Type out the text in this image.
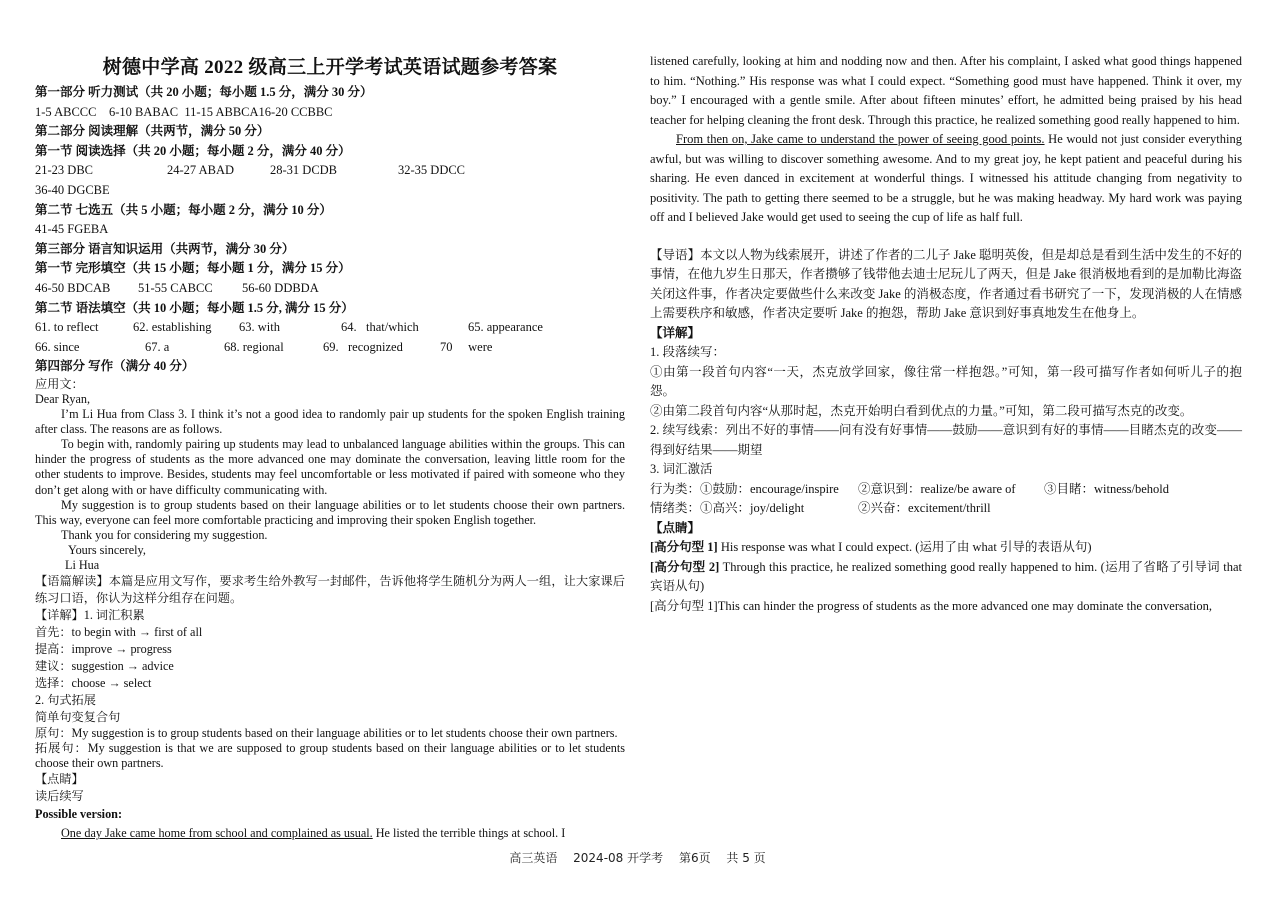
树德中学高 2022 级高三上开学考试英语试题参考答案
第一部分 听力测试（共 20 小题；每小题 1.5 分，满分 30 分）
1-5 ABCCC    6-10 BABAC  11-15 ABBCA16-20 CCBBC
第二部分 阅读理解（共两节，满分 50 分）
第一节 阅读选择（共 20 小题；每小题 2 分，满分 40 分）
21-23 DBC	24-27 ABAD	28-31 DCDB	32-35 DDCC
36-40 DGCBE
第二节 七选五（共 5 小题；每小题 2 分，满分 10 分）
41-45 FGEBA
第三部分 语言知识运用（共两节，满分 30 分）
第一节 完形填空（共 15 小题；每小题 1 分，满分 15 分）
46-50 BDCAB 51-55 CABCC 56-60 DDBDA
第二节 语法填空（共 10 小题；每小题 1.5 分, 满分 15 分）
61. to reflect	62. establishing 63. with	64.   that/which	65. appearance
66. since	67. a	68. regional	69.   recognized	70     were
第四部分 写作（满分 40 分）

应用文：

Dear Ryan,

I’m Li Hua from Class 3. I think it’s not a good idea to randomly pair up students for the spoken English training after class. The reasons are as follows.

To begin with, randomly pairing up students may lead to unbalanced language abilities within the groups. This can hinder the progress of students as the more advanced one may dominate the conversation, leaving little room for the other students to improve. Besides, students may feel uncomfortable or less motivated if paired with someone who they don’t get along with or have difficulty communicating with.

My suggestion is to group students based on their language abilities or to let students choose their own partners. This way, everyone can feel more comfortable practicing and improving their spoken English together.

Thank you for considering my suggestion.

Yours sincerely,

Li Hua

【语篇解读】本篇是应用文写作，要求考生给外教写一封邮件，告诉他将学生随机分为两人一组，让大家课后练习口语，你认为这样分组存在问题。

【详解】1. 词汇积累

首先：to begin with → first of all

提高：improve → progress

建议：suggestion → advice

选择：choose → select

2. 句式拓展

简单句变复合句

原句：My suggestion is to group students based on their language abilities or to let students choose their own partners.

拓展句：My suggestion is that we are supposed to group students based on their language abilities or to let students choose their own partners.

【点睛】

读后续写

Possible version:

One day Jake came home from school and complained as usual. He listed the terrible things at school. I

listened carefully, looking at him and nodding now and then. After his complaint, I asked what good things happened to him. “Nothing.” His response was what I could expect. “Something good must have happened. Think it over, my boy.” I encouraged with a gentle smile. After about fifteen minutes’ effort, he admitted being praised by his head teacher for helping cleaning the front desk. Through this practice, he realized something good really happened to him.

From then on, Jake came to understand the power of seeing good points. He would not just consider everything awful, but was willing to discover something awesome. And to my great joy, he kept patient and peaceful during his sharing. He even danced in excitement at wonderful things. I witnessed his attitude changing from negativity to positivity. The path to getting there seemed to be a struggle, but he was making headway. My hard work was paying off and I believed Jake would get used to seeing the cup of life as half full.

【导语】本文以人物为线索展开，讲述了作者的二儿子 Jake 聪明英俊，但是却总是看到生活中发生的不好的事情，在他九岁生日那天，作者攒够了钱带他去迪士尼玩儿了两天，但是 Jake 很消极地看到的是加勒比海盗关闭这件事，作者决定要做些什么来改变 Jake 的消极态度，作者通过看书研究了一下，发现消极的人在情感上需要秩序和敏感，作者决定要听 Jake 的抱怨，帮助 Jake 意识到好事真地发生在他身上。

【详解】

1. 段落续写：

①由第一段首句内容“一天，杰克放学回家，像往常一样抱怨。”可知，第一段可描写作者如何听儿子的抱怨。

②由第二段首句内容“从那时起，杰克开始明白看到优点的力量。”可知，第二段可描写杰克的改变。

2. 续写线索：列出不好的事情——问有没有好事情——鼓励——意识到有好的事情——目睹杰克的改变——得到好结果——期望

3. 词汇激活

行为类：①鼓励：encourage/inspire ②意识到：realize/be aware of ③目睹：witness/behold

情绪类：①高兴：joy/delight	②兴奋：excitement/thrill

【点睛】

[高分句型 1] His response was what I could expect. (运用了由 what 引导的表语从句)

[高分句型 2] Through this practice, he realized something good really happened to him. (运用了省略了引导词 that 宾语从句)

[高分句型 1]This can hinder the progress of students as the more advanced one may dominate the conversation,

高三英语 2024-08 开学考 第6页 共 5 页
